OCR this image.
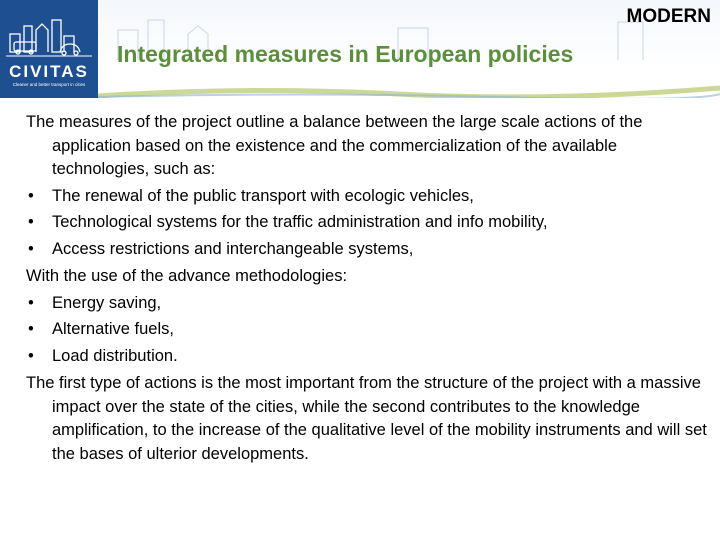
CIVITAS
Cleaner and better transport in cities
MODERN
Integrated measures in European policies

The measures of the project outline a balance between the large scale actions of the application based on the existence and the commercialization of the available technologies, such as:

• The renewal of the public transport with ecologic vehicles,
• Technological systems for the traffic administration and info mobility,
• Access restrictions and interchangeable systems,

With the use of the advance methodologies:

• Energy saving,
• Alternative fuels,
• Load distribution.

The first type of actions is the most important from the structure of the project with a massive impact over the state of the cities, while the second contributes to the knowledge amplification, to the increase of the qualitative level of the mobility instruments and will set the bases of ulterior developments.
